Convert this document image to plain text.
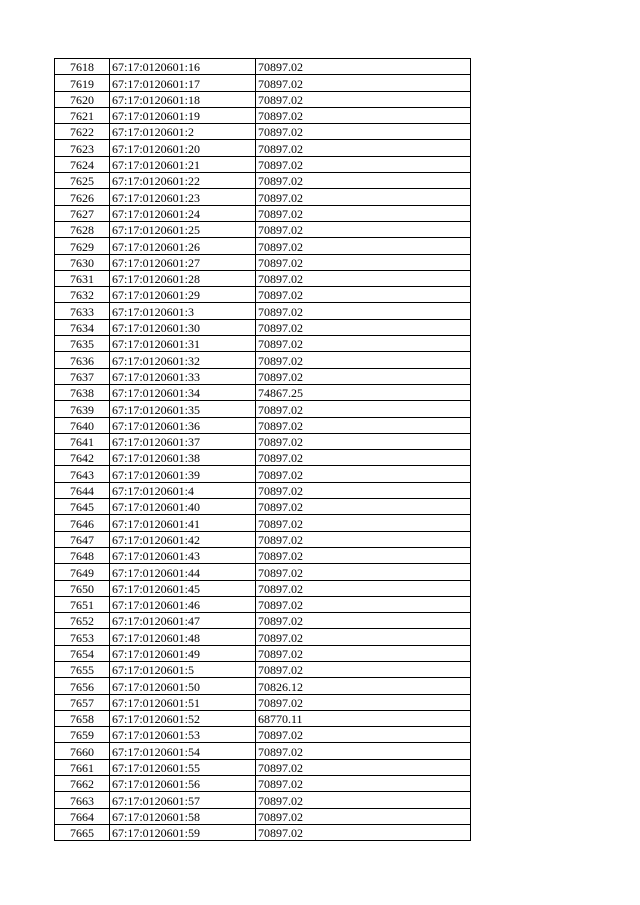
7618	67:17:0120601:16	70897.02
7619	67:17:0120601:17	70897.02
7620	67:17:0120601:18	70897.02
7621	67:17:0120601:19	70897.02
7622	67:17:0120601:2	70897.02
7623	67:17:0120601:20	70897.02
7624	67:17:0120601:21	70897.02
7625	67:17:0120601:22	70897.02
7626	67:17:0120601:23	70897.02
7627	67:17:0120601:24	70897.02
7628	67:17:0120601:25	70897.02
7629	67:17:0120601:26	70897.02
7630	67:17:0120601:27	70897.02
7631	67:17:0120601:28	70897.02
7632	67:17:0120601:29	70897.02
7633	67:17:0120601:3	70897.02
7634	67:17:0120601:30	70897.02
7635	67:17:0120601:31	70897.02
7636	67:17:0120601:32	70897.02
7637	67:17:0120601:33	70897.02
7638	67:17:0120601:34	74867.25
7639	67:17:0120601:35	70897.02
7640	67:17:0120601:36	70897.02
7641	67:17:0120601:37	70897.02
7642	67:17:0120601:38	70897.02
7643	67:17:0120601:39	70897.02
7644	67:17:0120601:4	70897.02
7645	67:17:0120601:40	70897.02
7646	67:17:0120601:41	70897.02
7647	67:17:0120601:42	70897.02
7648	67:17:0120601:43	70897.02
7649	67:17:0120601:44	70897.02
7650	67:17:0120601:45	70897.02
7651	67:17:0120601:46	70897.02
7652	67:17:0120601:47	70897.02
7653	67:17:0120601:48	70897.02
7654	67:17:0120601:49	70897.02
7655	67:17:0120601:5	70897.02
7656	67:17:0120601:50	70826.12
7657	67:17:0120601:51	70897.02
7658	67:17:0120601:52	68770.11
7659	67:17:0120601:53	70897.02
7660	67:17:0120601:54	70897.02
7661	67:17:0120601:55	70897.02
7662	67:17:0120601:56	70897.02
7663	67:17:0120601:57	70897.02
7664	67:17:0120601:58	70897.02
7665	67:17:0120601:59	70897.02
